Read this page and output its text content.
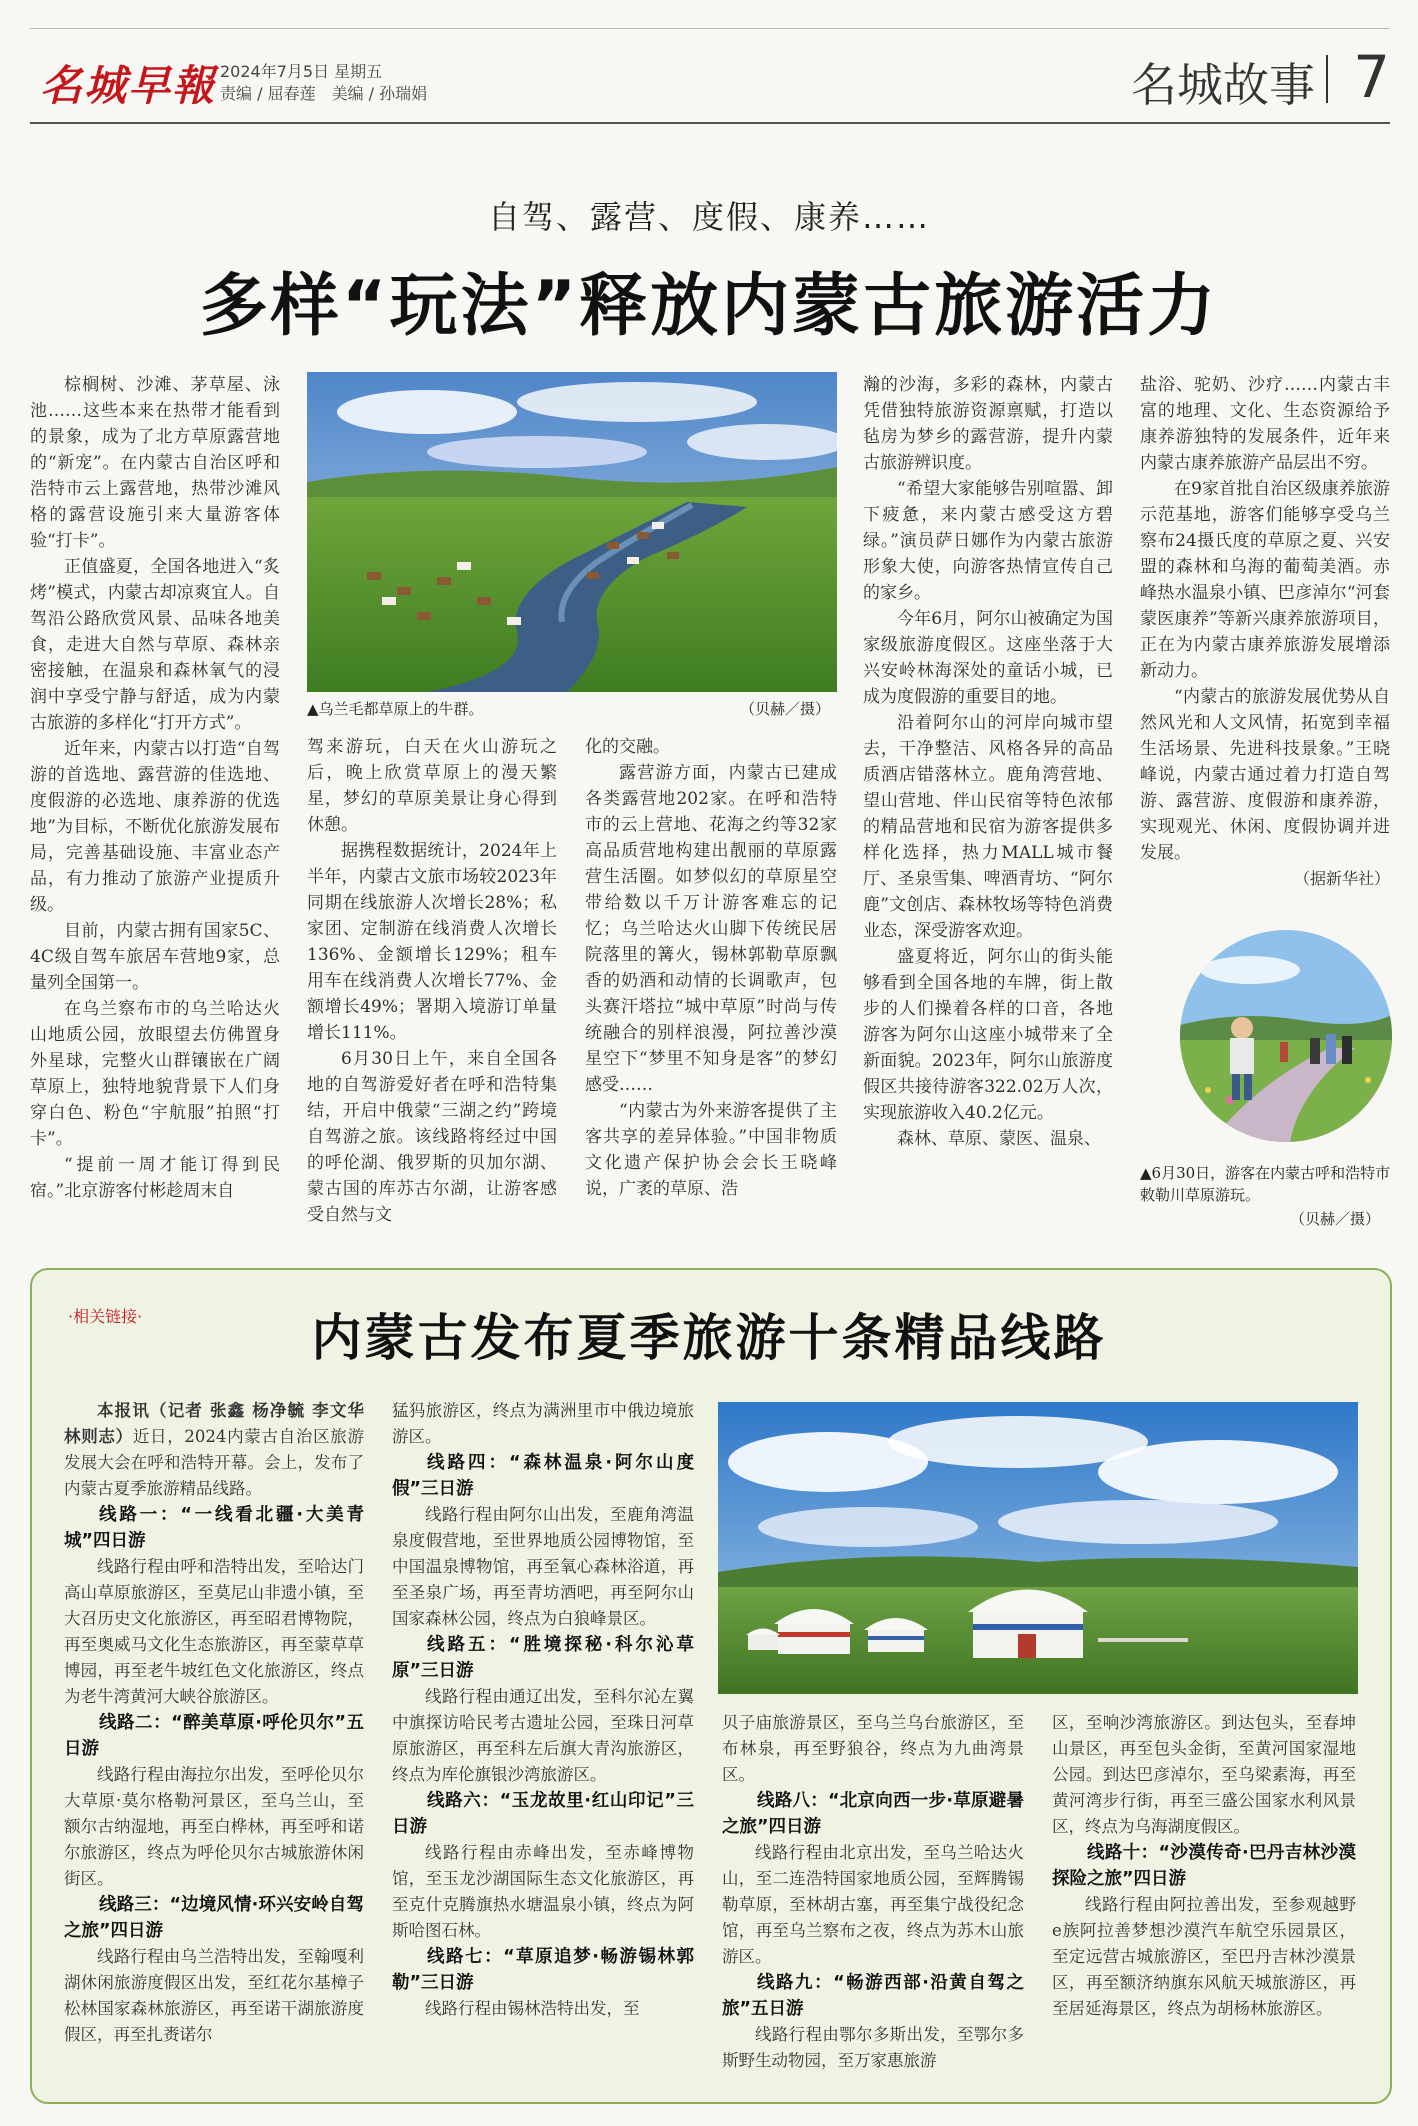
名城早報 2024年7月5日 星期五
责编 / 屈春莲　美编 / 孙瑞娟	名城故事 7
自驾、露营、度假、康养……
多样“玩法”释放内蒙古旅游活力

棕榈树、沙滩、茅草屋、泳池……这些本来在热带才能看到的景象，成为了北方草原露营地的“新宠”。在内蒙古自治区呼和浩特市云上露营地，热带沙滩风格的露营设施引来大量游客体验“打卡”。

正值盛夏，全国各地进入“炙烤”模式，内蒙古却凉爽宜人。自驾沿公路欣赏风景、品味各地美食，走进大自然与草原、森林亲密接触，在温泉和森林氧气的浸润中享受宁静与舒适，成为内蒙古旅游的多样化“打开方式”。

近年来，内蒙古以打造“自驾游的首选地、露营游的佳选地、度假游的必选地、康养游的优选地”为目标，不断优化旅游发展布局，完善基础设施、丰富业态产品，有力推动了旅游产业提质升级。

目前，内蒙古拥有国家5C、4C级自驾车旅居车营地9家，总量列全国第一。

在乌兰察布市的乌兰哈达火山地质公园，放眼望去仿佛置身外星球，完整火山群镶嵌在广阔草原上，独特地貌背景下人们身穿白色、粉色“宇航服”拍照“打卡”。

“提前一周才能订得到民宿。”北京游客付彬趁周末自

▲乌兰毛都草原上的牛群。	（贝赫／摄）

驾来游玩，白天在火山游玩之后，晚上欣赏草原上的漫天繁星，梦幻的草原美景让身心得到休憩。

据携程数据统计，2024年上半年，内蒙古文旅市场较2023年同期在线旅游人次增长28%；私家团、定制游在线消费人次增长136%、金额增长129%；租车用车在线消费人次增长77%、金额增长49%；署期入境游订单量增长111%。

6月30日上午，来自全国各地的自驾游爱好者在呼和浩特集结，开启中俄蒙“三湖之约”跨境自驾游之旅。该线路将经过中国的呼伦湖、俄罗斯的贝加尔湖、蒙古国的库苏古尔湖，让游客感受自然与文

化的交融。

露营游方面，内蒙古已建成各类露营地202家。在呼和浩特市的云上营地、花海之约等32家高品质营地构建出靓丽的草原露营生活圈。如梦似幻的草原星空带给数以千万计游客难忘的记忆；乌兰哈达火山脚下传统民居院落里的篝火，锡林郭勒草原飘香的奶酒和动情的长调歌声，包头赛汗塔拉“城中草原”时尚与传统融合的别样浪漫，阿拉善沙漠星空下“梦里不知身是客”的梦幻感受……

“内蒙古为外来游客提供了主客共享的差异体验。”中国非物质文化遗产保护协会会长王晓峰说，广袤的草原、浩

瀚的沙海，多彩的森林，内蒙古凭借独特旅游资源禀赋，打造以毡房为梦乡的露营游，提升内蒙古旅游辨识度。

“希望大家能够告别喧嚣、卸下疲惫，来内蒙古感受这方碧绿。”演员萨日娜作为内蒙古旅游形象大使，向游客热情宣传自己的家乡。

今年6月，阿尔山被确定为国家级旅游度假区。这座坐落于大兴安岭林海深处的童话小城，已成为度假游的重要目的地。

沿着阿尔山的河岸向城市望去，干净整洁、风格各异的高品质酒店错落林立。鹿角湾营地、望山营地、伴山民宿等特色浓郁的精品营地和民宿为游客提供多样化选择，热力MALL城市餐厅、圣泉雪集、啤酒青坊、“阿尔鹿”文创店、森林牧场等特色消费业态，深受游客欢迎。

盛夏将近，阿尔山的街头能够看到全国各地的车牌，街上散步的人们操着各样的口音，各地游客为阿尔山这座小城带来了全新面貌。2023年，阿尔山旅游度假区共接待游客322.02万人次，实现旅游收入40.2亿元。

森林、草原、蒙医、温泉、

盐浴、驼奶、沙疗……内蒙古丰富的地理、文化、生态资源给予康养游独特的发展条件，近年来内蒙古康养旅游产品层出不穷。

在9家首批自治区级康养旅游示范基地，游客们能够享受乌兰察布24摄氏度的草原之夏、兴安盟的森林和乌海的葡萄美酒。赤峰热水温泉小镇、巴彦淖尔“河套蒙医康养”等新兴康养旅游项目，正在为内蒙古康养旅游发展增添新动力。

“内蒙古的旅游发展优势从自然风光和人文风情，拓宽到幸福生活场景、先进科技景象。”王晓峰说，内蒙古通过着力打造自驾游、露营游、度假游和康养游，实现观光、休闲、度假协调并进发展。

（据新华社）
▲6月30日，游客在内蒙古呼和浩特市敕勒川草原游玩。
（贝赫／摄）
·相关链接·	内蒙古发布夏季旅游十条精品线路

本报讯（记者 张鑫 杨净毓 李文华 林则志）近日，2024内蒙古自治区旅游发展大会在呼和浩特开幕。会上，发布了内蒙古夏季旅游精品线路。

线路一：“一线看北疆·大美青城”四日游

线路行程由呼和浩特出发，至哈达门高山草原旅游区，至莫尼山非遗小镇，至大召历史文化旅游区，再至昭君博物院，再至奥威马文化生态旅游区，再至蒙草草博园，再至老牛坡红色文化旅游区，终点为老牛湾黄河大峡谷旅游区。

线路二：“醉美草原·呼伦贝尔”五日游

线路行程由海拉尔出发，至呼伦贝尔大草原·莫尔格勒河景区，至乌兰山，至额尔古纳湿地，再至白桦林，再至呼和诺尔旅游区，终点为呼伦贝尔古城旅游休闲街区。

线路三：“边境风情·环兴安岭自驾之旅”四日游

线路行程由乌兰浩特出发，至翰嘎利湖休闲旅游度假区出发，至红花尔基樟子松林国家森林旅游区，再至诺干湖旅游度假区，再至扎赉诺尔

猛犸旅游区，终点为满洲里市中俄边境旅游区。

线路四：“森林温泉·阿尔山度假”三日游

线路行程由阿尔山出发，至鹿角湾温泉度假营地，至世界地质公园博物馆，至中国温泉博物馆，再至氧心森林浴道，再至圣泉广场，再至青坊酒吧，再至阿尔山国家森林公园，终点为白狼峰景区。

线路五：“胜境探秘·科尔沁草原”三日游

线路行程由通辽出发，至科尔沁左翼中旗探访哈民考古遗址公园，至珠日河草原旅游区，再至科左后旗大青沟旅游区，终点为库伦旗银沙湾旅游区。

线路六：“玉龙故里·红山印记”三日游

线路行程由赤峰出发，至赤峰博物馆，至玉龙沙湖国际生态文化旅游区，再至克什克腾旗热水塘温泉小镇，终点为阿斯哈图石林。

线路七：“草原追梦·畅游锡林郭勒”三日游

线路行程由锡林浩特出发，至

贝子庙旅游景区，至乌兰乌台旅游区，至布林泉，再至野狼谷，终点为九曲湾景区。

线路八：“北京向西一步·草原避暑之旅”四日游

线路行程由北京出发，至乌兰哈达火山，至二连浩特国家地质公园，至辉腾锡勒草原，至林胡古塞，再至集宁战役纪念馆，再至乌兰察布之夜，终点为苏木山旅游区。

线路九：“畅游西部·沿黄自驾之旅”五日游

线路行程由鄂尔多斯出发，至鄂尔多斯野生动物园，至万家惠旅游

区，至响沙湾旅游区。到达包头，至春坤山景区，再至包头金街，至黄河国家湿地公园。到达巴彦淖尔，至乌梁素海，再至黄河湾步行街，再至三盛公国家水利风景区，终点为乌海湖度假区。

线路十：“沙漠传奇·巴丹吉林沙漠探险之旅”四日游

线路行程由阿拉善出发，至参观越野e族阿拉善梦想沙漠汽车航空乐园景区，至定远营古城旅游区，至巴丹吉林沙漠景区，再至额济纳旗东风航天城旅游区，再至居延海景区，终点为胡杨林旅游区。
